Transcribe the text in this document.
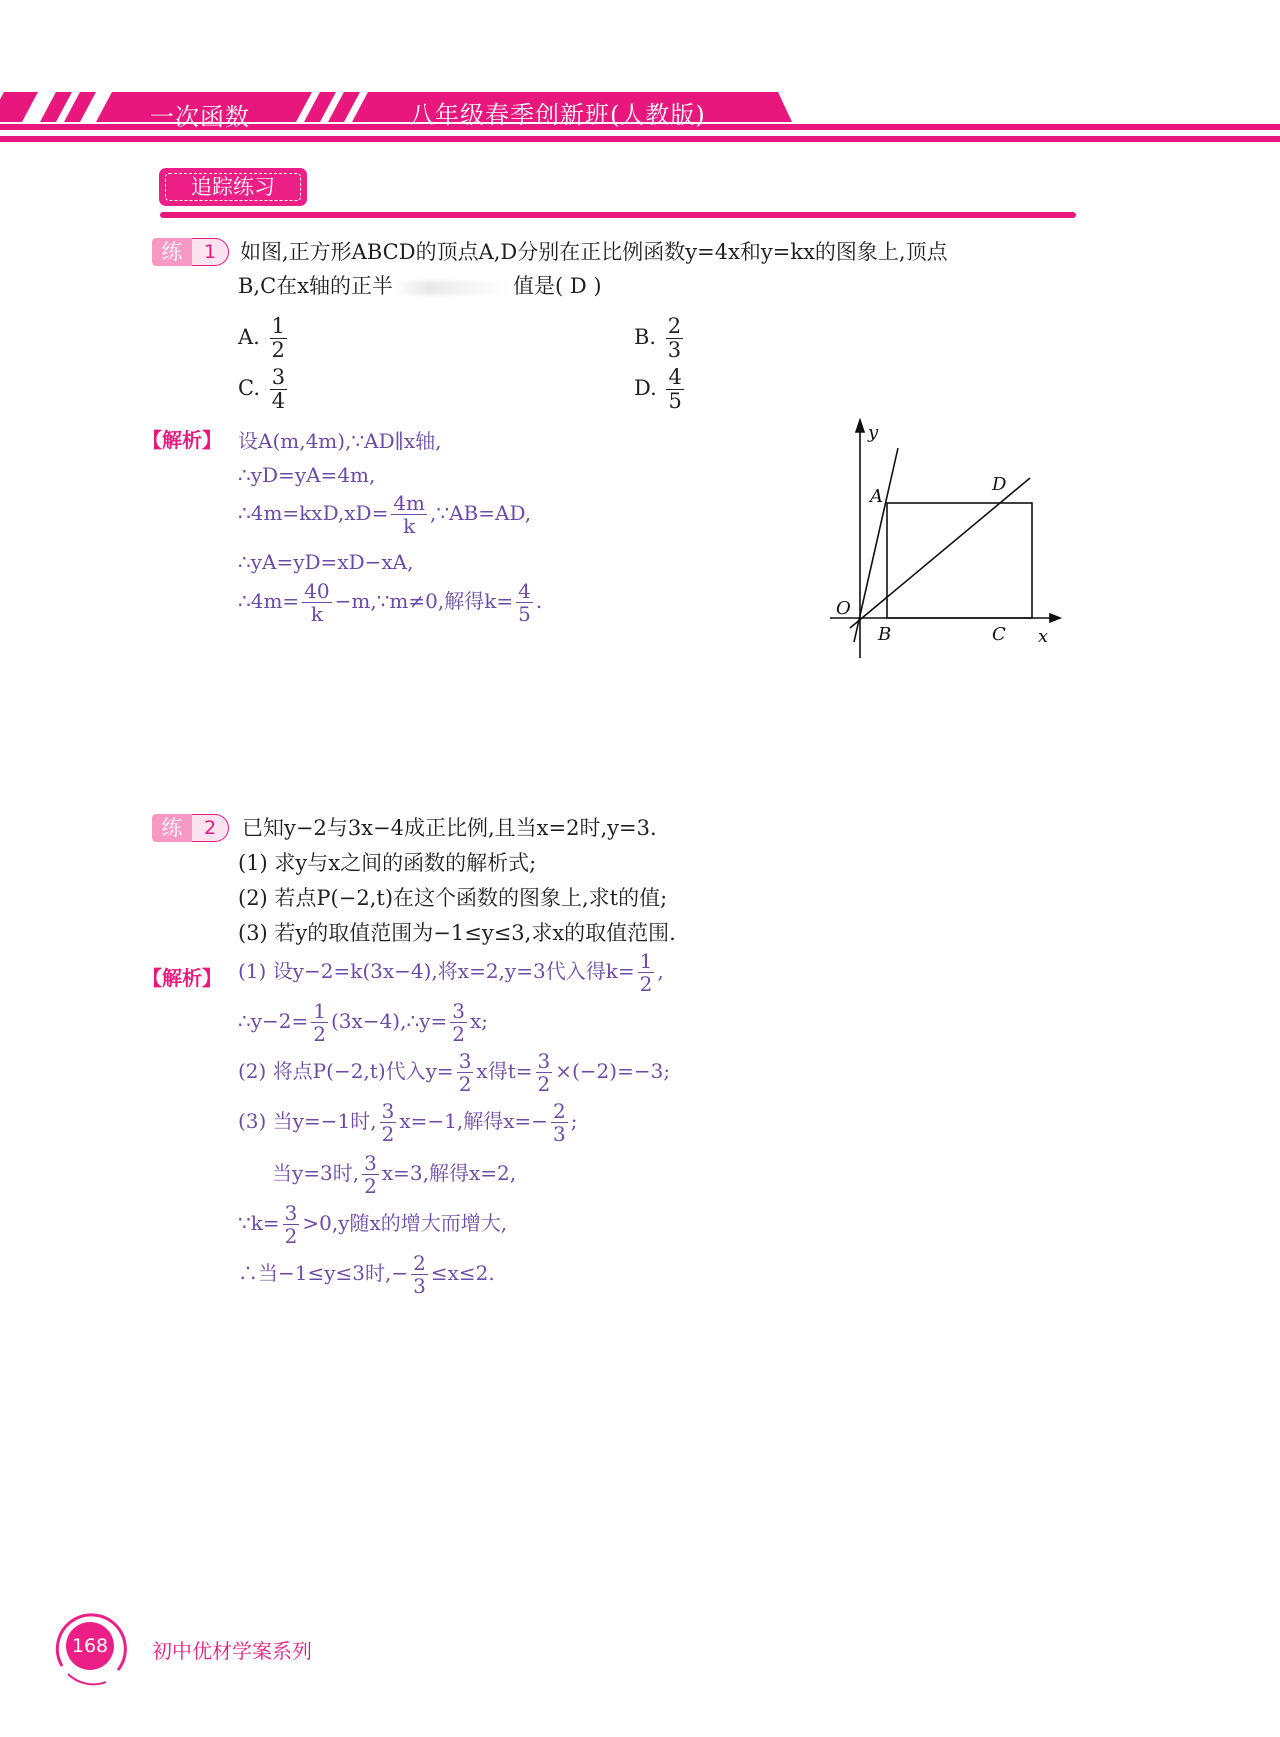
一次函数	八年级春季创新班(人教版)
追踪练习
练	1	如图,正方形ABCD的顶点A,D分别在正比例函数y=4x和y=kx的图象上,顶点
B,C在x轴的正半	值是( D )
A. $\frac{1}{2}$	B. $\frac{2}{3}$
C. $\frac{3}{4}$	D. $\frac{4}{5}$
【解析】 设A(m,4m),∵AD∥x轴,
∴yD=yA=4m,
∴4m=kxD,xD= $\frac{4m}{k}$ ,∵AB=AD,
∴yA=yD=xD−xA,
∴4m= $\frac{40}{k}$ −m,∵m≠0,解得$k= \frac{4}{5}$ .
y
x
O
A
B	C
D
练	2	已知y−2与3x−4成正比例,且当x=2时,y=3.
(1) 求y与x之间的函数的解析式;
(2) 若点P(−2,t)在这个函数的图象上,求t的值;
(3) 若y的取值范围为−1≤y≤3,求x的取值范围.
【解析】 (1) 设y−2=k(3x−4),将x=2,y=3代入得$k= \frac{1}{2}$ ,
∴y−2= $\frac{1}{2}$ (3x−4),∴y= $\frac{3}{2} x$;
(2) 将点P(−2,t)代入$y= \frac{3}{2}$ x得$t= \frac{3}{2} \times(-2)=-3$;
(3) 当y=−1时, $\frac{3}{2} x=-1$,解得$x=- \frac{2}{3}$ ;
当y=3时, $\frac{3}{2} x=3$,解得x=2,
∵k= $\frac{3}{2} >0,y$随x的增大而增大,
∴当−1≤y≤3时,− $\frac{2}{3} \le x\le 2$.
168 初中优材学案系列
